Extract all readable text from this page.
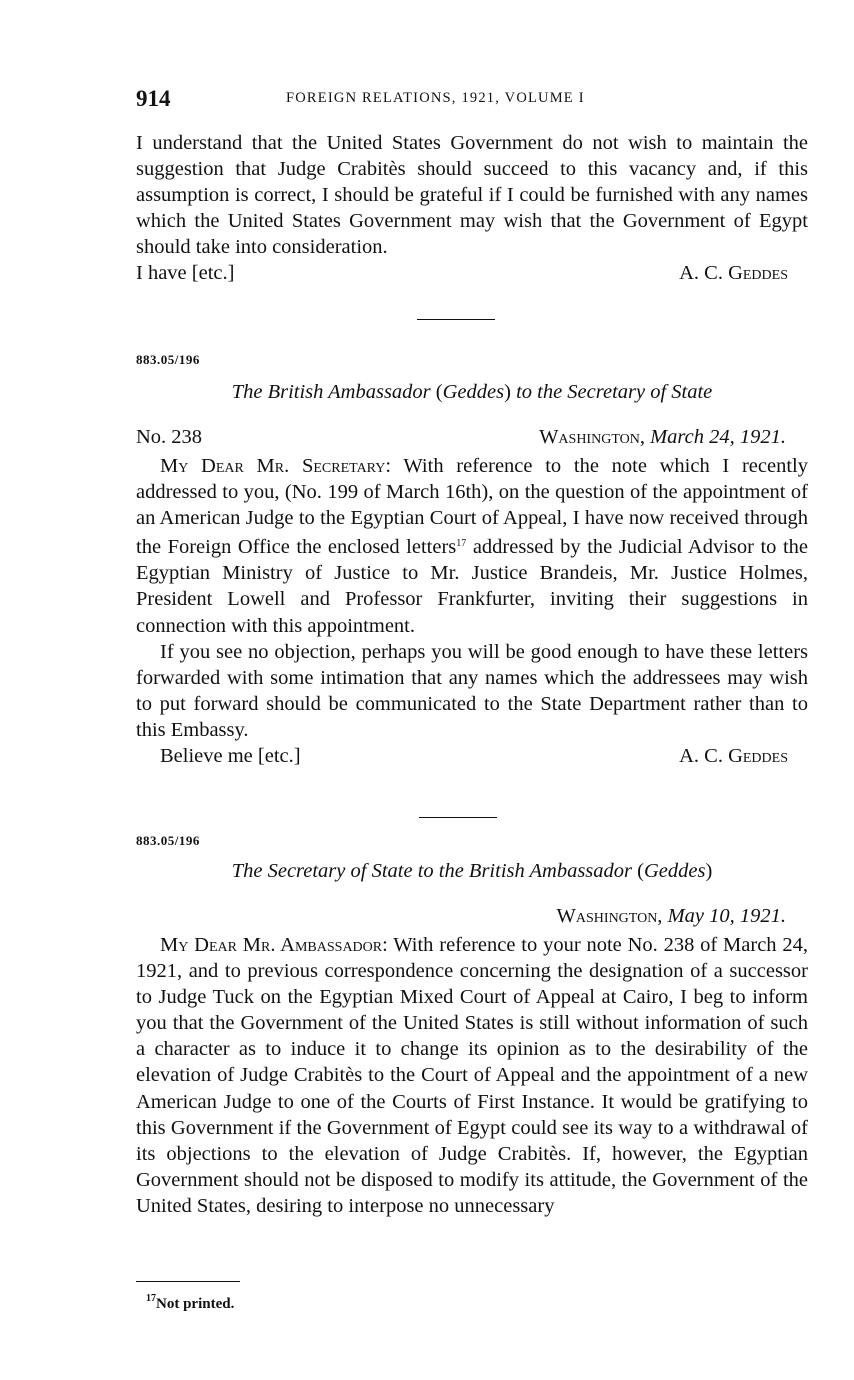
914	FOREIGN RELATIONS, 1921, VOLUME I

I understand that the United States Government do not wish to maintain the suggestion that Judge Crabitès should succeed to this vacancy and, if this assumption is correct, I should be grateful if I could be furnished with any names which the United States Government may wish that the Government of Egypt should take into consideration.

I have [etc.]	A. C. Geddes
883.05/196
The British Ambassador (Geddes) to the Secretary of State
No. 238	Washington, March 24, 1921.

My Dear Mr. Secretary: With reference to the note which I recently addressed to you, (No. 199 of March 16th), on the question of the appointment of an American Judge to the Egyptian Court of Appeal, I have now received through the Foreign Office the enclosed letters$^{17}$ addressed by the Judicial Advisor to the Egyptian Ministry of Justice to Mr. Justice Brandeis, Mr. Justice Holmes, President Lowell and Professor Frankfurter, inviting their suggestions in connection with this appointment.

If you see no objection, perhaps you will be good enough to have these letters forwarded with some intimation that any names which the addressees may wish to put forward should be communicated to the State Department rather than to this Embassy.

Believe me [etc.]	A. C. Geddes
883.05/196
The Secretary of State to the British Ambassador (Geddes)
Washington, May 10, 1921.

My Dear Mr. Ambassador: With reference to your note No. 238 of March 24, 1921, and to previous correspondence concerning the designation of a successor to Judge Tuck on the Egyptian Mixed Court of Appeal at Cairo, I beg to inform you that the Government of the United States is still without information of such a character as to induce it to change its opinion as to the desirability of the elevation of Judge Crabitès to the Court of Appeal and the appointment of a new American Judge to one of the Courts of First Instance. It would be gratifying to this Government if the Government of Egypt could see its way to a withdrawal of its objections to the elevation of Judge Crabitès. If, however, the Egyptian Government should not be disposed to modify its attitude, the Government of the United States, desiring to interpose no unnecessary

$^{17}$Not printed.
